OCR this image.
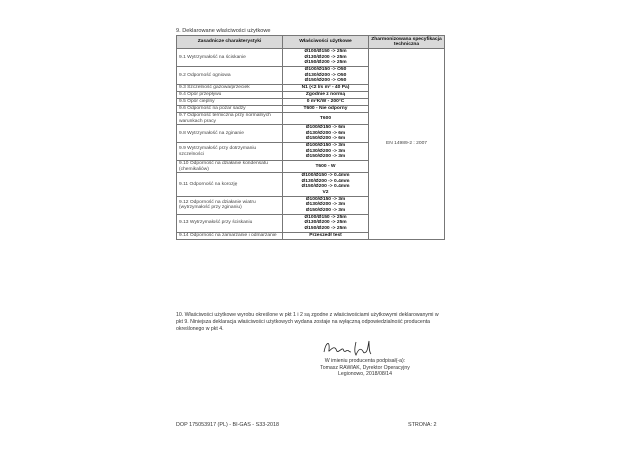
9. Deklarowane właściwości użytkowe
Zasadnicze charakterystyki	Właściwości użytkowe	Zharmonizowana specyfikacja techniczna
9.1 Wytrzymałość na ściskanie	Ø100/Ø150 -> 25m
Ø130/Ø200 -> 25m
Ø150/Ø200 -> 25m	EN 14989-2 : 2007
9.2 Odporność ogniowa	Ø100/Ø150 -> O50
Ø130/Ø200 -> O50
Ø150/Ø200 -> O50	

9.3 Szczelność gazowa/przeciek	N1 (<2 l/s m² - 40 Pa)	

9.4 Opór przepływu	Zgodnie z normą	

9.5 Opór cieplny	0 m²K/W - 200°C	

9.6 Odporność na pożar sadzy	T600 - Nie odporny	

9.7 Odporność termiczna przy normalnych warunkach pracy	T600	

9.8 Wytrzymałość na zginanie	Ø100/Ø150 -> 6m
Ø130/Ø200 -> 6m
Ø150/Ø200 -> 6m	

9.9 Wytrzymałość przy dotrzymaniu szczelności	Ø100/Ø150 -> 3m
Ø130/Ø200 -> 3m
Ø150/Ø200 -> 3m	

9.10 Odporność na działanie kondensatu (chemikaliów)	T600 - W	

9.11 Odporność na korozję	Ø100/Ø150 -> 0.4mm
Ø130/Ø200 -> 0.4mm
Ø150/Ø200 -> 0.4mm
V2	

9.12 Odporność na działanie wiatru (wytrzymałość przy zginaniu)	Ø100/Ø150 -> 3m
Ø130/Ø200 -> 3m
Ø150/Ø200 -> 3m	

9.13 Wytrzymałość przy ściskaniu	Ø100/Ø150 -> 25m
Ø130/Ø200 -> 25m
Ø150/Ø200 -> 25m	

9.14 Odporność na zamarzanie i odmarzanie	Przeszedł test	
10. Właściwości użytkowe wyrobu określone w pkt 1 i 2 są zgodne z właściwościami użytkowymi deklarowanymi w pkt 9. Niniejsza deklaracja właściwości użytkowych wydana zostaje na wyłączną odpowiedzialność producenta określonego w pkt 4.
W imieniu producenta podpisał(-a):
Tomasz RAWIAK, Dyrektor Operacyjny
Legionowo, 2018/08/14
DOP 175053917 (PL) - BI-GAS - S33-2018	STRONA: 2
